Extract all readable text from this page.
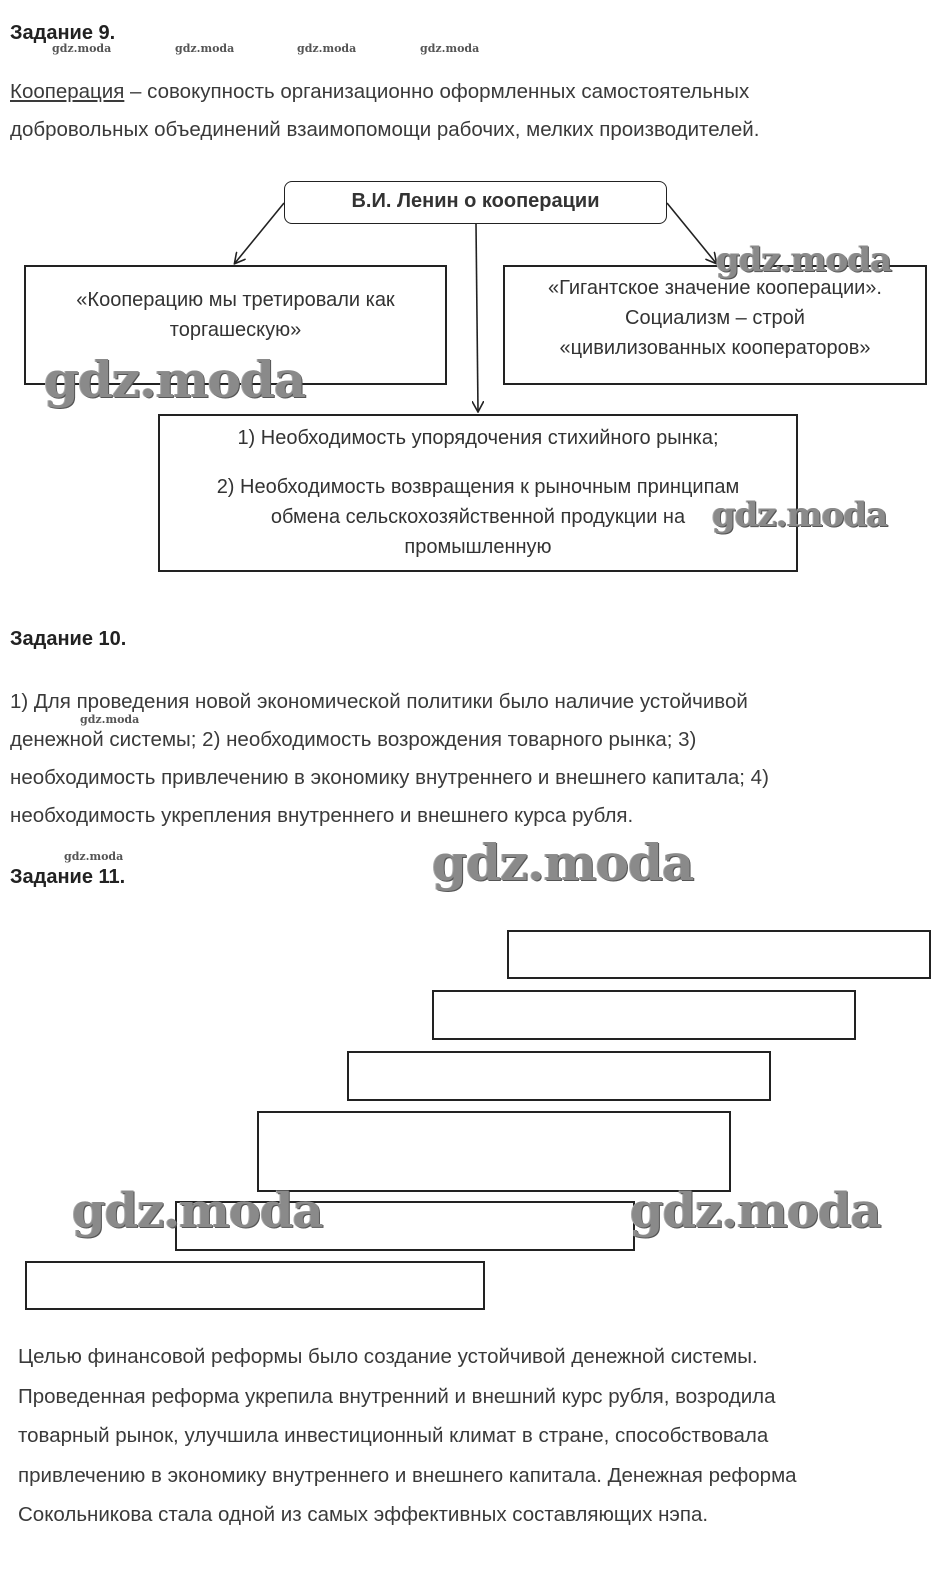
Задание 9.
Кооперация – совокупность организационно оформленных самостоятельных
добровольных объединений взаимопомощи рабочих, мелких производителей.
В.И. Ленин о кооперации
«Кооперацию мы третировали как
торгашескую»
«Гигантское значение кооперации».
Социализм – строй
«цивилизованных кооператоров»
1) Необходимость упорядочения стихийного рынка;
2) Необходимость возвращения к рыночным принципам
обмена сельскохозяйственной продукции на
промышленную
Задание 10.
1) Для проведения новой экономической политики было наличие устойчивой
денежной системы; 2) необходимость возрождения товарного рынка; 3)
необходимость привлечению в экономику внутреннего и внешнего капитала; 4)
необходимость укрепления внутреннего и внешнего курса рубля.
Задание 11.
Целью финансовой реформы было создание устойчивой денежной системы.
Проведенная реформа укрепила внутренний и внешний курс рубля, возродила
товарный рынок, улучшила инвестиционный климат в стране, способствовала
привлечению в экономику внутреннего и внешнего капитала. Денежная реформа
Сокольникова стала одной из самых эффективных составляющих нэпа.
gdz.moda	gdz.moda	gdz.moda	gdz.moda
gdz.moda
gdz.moda
gdz.moda
gdz.moda
gdz.moda
gdz.moda
gdz.moda	gdz.moda
